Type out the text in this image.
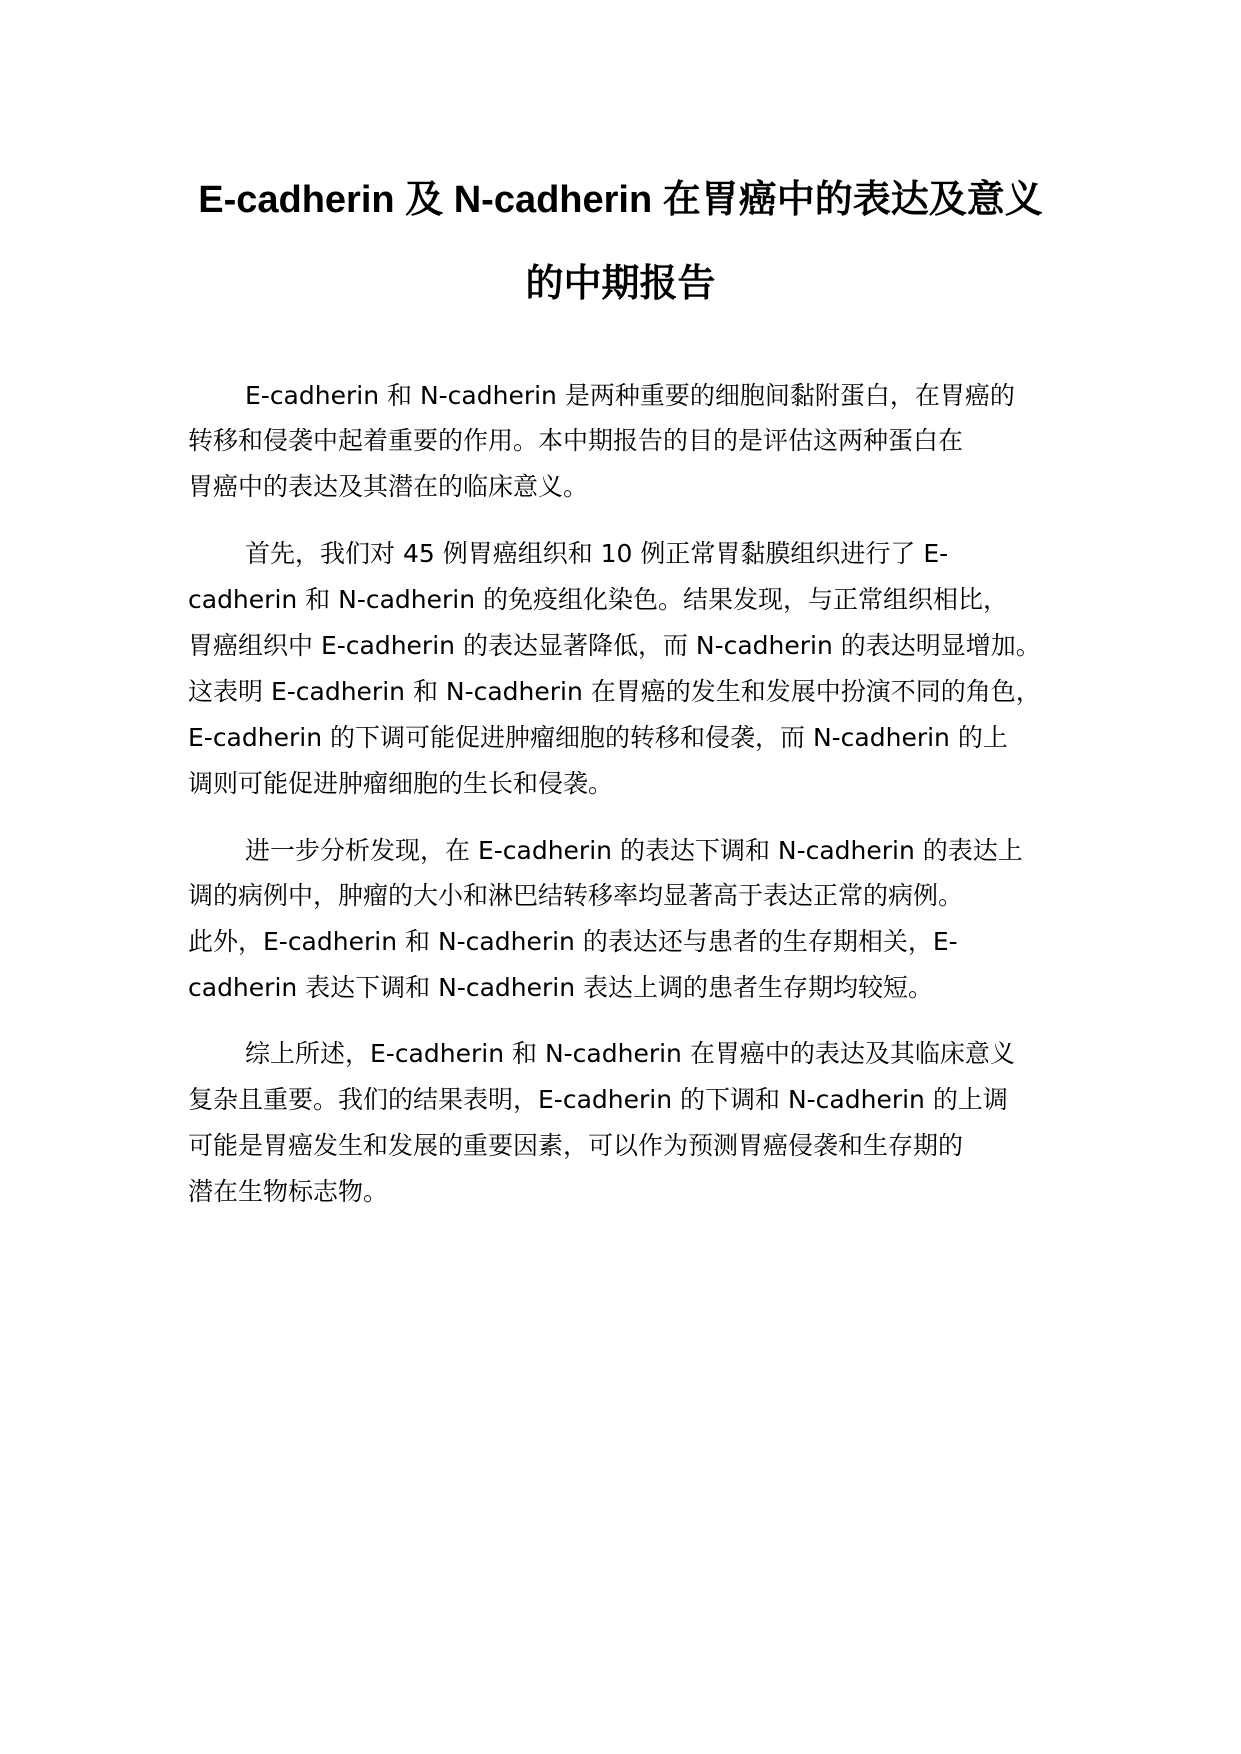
E-cadherin 及 N-cadherin 在胃癌中的表达及意义
的中期报告
E-cadherin 和 N-cadherin 是两种重要的细胞间黏附蛋白，在胃癌的
转移和侵袭中起着重要的作用。本中期报告的目的是评估这两种蛋白在
胃癌中的表达及其潜在的临床意义。
首先，我们对 45 例胃癌组织和 10 例正常胃黏膜组织进行了 E-
cadherin 和 N-cadherin 的免疫组化染色。结果发现，与正常组织相比，
胃癌组织中 E-cadherin 的表达显著降低，而 N-cadherin 的表达明显增加。
这表明 E-cadherin 和 N-cadherin 在胃癌的发生和发展中扮演不同的角色，
E-cadherin 的下调可能促进肿瘤细胞的转移和侵袭，而 N-cadherin 的上
调则可能促进肿瘤细胞的生长和侵袭。
进一步分析发现，在 E-cadherin 的表达下调和 N-cadherin 的表达上
调的病例中，肿瘤的大小和淋巴结转移率均显著高于表达正常的病例。
此外，E-cadherin 和 N-cadherin 的表达还与患者的生存期相关，E-
cadherin 表达下调和 N-cadherin 表达上调的患者生存期均较短。
综上所述，E-cadherin 和 N-cadherin 在胃癌中的表达及其临床意义
复杂且重要。我们的结果表明，E-cadherin 的下调和 N-cadherin 的上调
可能是胃癌发生和发展的重要因素，可以作为预测胃癌侵袭和生存期的
潜在生物标志物。
